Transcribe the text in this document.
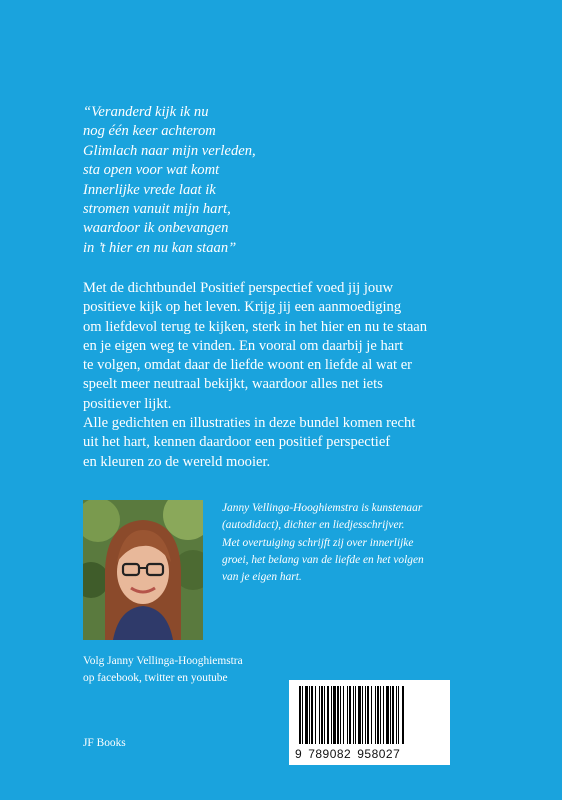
“Veranderd kijk ik nu
nog één keer achterom
Glimlach naar mijn verleden,
sta open voor wat komt
Innerlijke vrede laat ik
stromen vanuit mijn hart,
waardoor ik onbevangen
in ’t hier en nu kan staan”
Met de dichtbundel Positief perspectief voed jij jouw
positieve kijk op het leven. Krijg jij een aanmoediging
om liefdevol terug te kijken, sterk in het hier en nu te staan
en je eigen weg te vinden. En vooral om daarbij je hart
te volgen, omdat daar de liefde woont en liefde al wat er
speelt meer neutraal bekijkt, waardoor alles net iets
positiever lijkt.
Alle gedichten en illustraties in deze bundel komen recht
uit het hart, kennen daardoor een positief perspectief
en kleuren zo de wereld mooier.
Janny Vellinga-Hooghiemstra is kunstenaar
(autodidact), dichter en liedjesschrijver.
Met overtuiging schrijft zij over innerlijke
groei, het belang van de liefde en het volgen
van je eigen hart.
Volg Janny Vellinga-Hooghiemstra
op facebook, twitter en youtube
JF Books
9 789082 958027
